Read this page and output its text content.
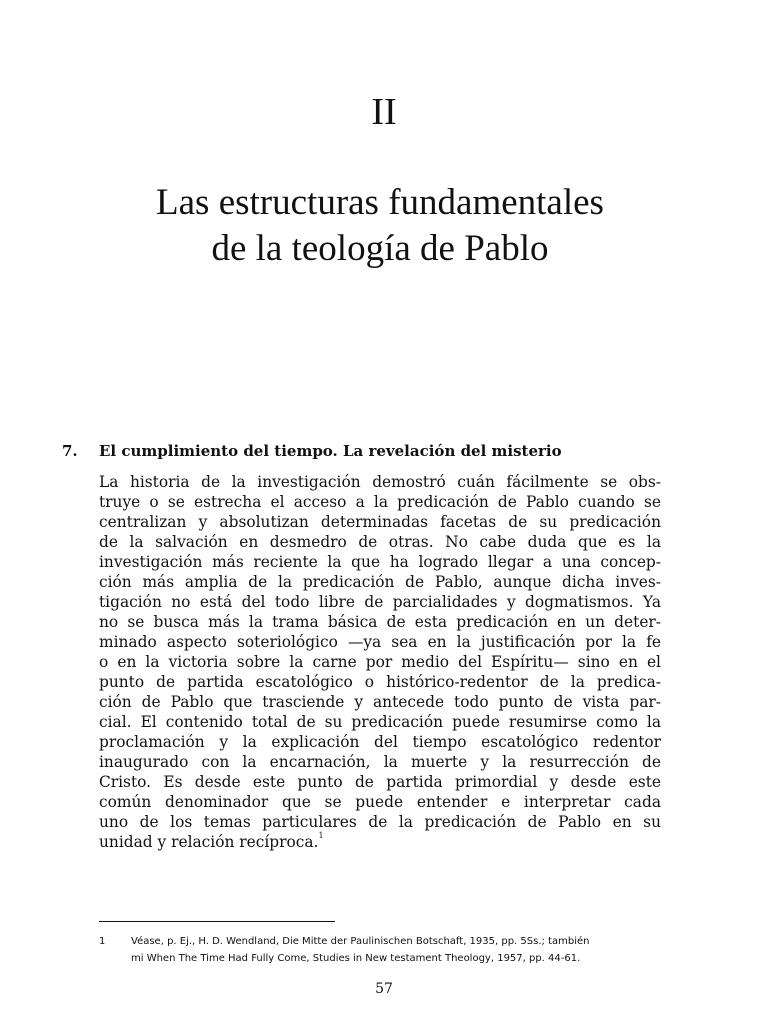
II
Las estructuras fundamentales
de la teología de Pablo
7. El cumplimiento del tiempo. La revelación del misterio
La historia de la investigación demostró cuán fácilmente se obs-
truye o se estrecha el acceso a la predicación de Pablo cuando se
centralizan y absolutizan determinadas facetas de su predicación
de la salvación en desmedro de otras. No cabe duda que es la
investigación más reciente la que ha logrado llegar a una concep-
ción más amplia de la predicación de Pablo, aunque dicha inves-
tigación no está del todo libre de parcialidades y dogmatismos. Ya
no se busca más la trama básica de esta predicación en un deter-
minado aspecto soteriológico —ya sea en la justificación por la fe
o en la victoria sobre la carne por medio del Espíritu— sino en el
punto de partida escatológico o histórico-redentor de la predica-
ción de Pablo que trasciende y antecede todo punto de vista par-
cial. El contenido total de su predicación puede resumirse como la
proclamación y la explicación del tiempo escatológico redentor
inaugurado con la encarnación, la muerte y la resurrección de
Cristo. Es desde este punto de partida primordial y desde este
común denominador que se puede entender e interpretar cada
uno de los temas particulares de la predicación de Pablo en su
unidad y relación recíproca.$^1$
1	Véase, p. Ej., H. D. Wendland, Die Mitte der Paulinischen Botschaft, 1935, pp. 5Ss.; también
mi When The Time Had Fully Come, Studies in New testament Theology, 1957, pp. 44-61.
57
